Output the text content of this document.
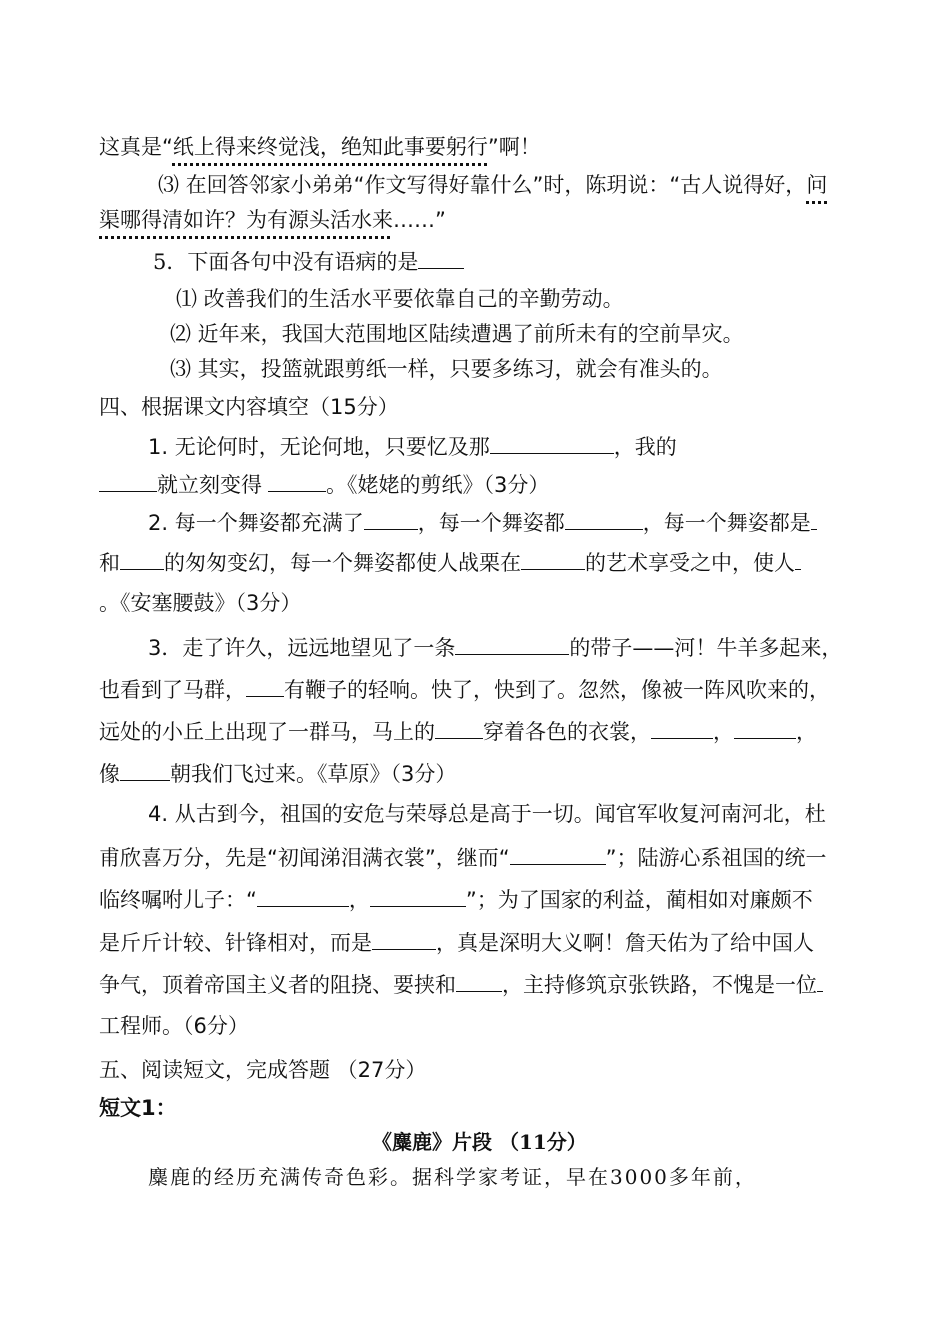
这真是“纸上得来终觉浅，绝知此事要躬行”啊！
⑶ 在回答邻家小弟弟“作文写得好靠什么”时，陈玥说：“古人说得好，问
渠哪得清如许？为有源头活水来……”
5．下面各句中没有语病的是
⑴ 改善我们的生活水平要依靠自己的辛勤劳动。
⑵ 近年来，我国大范围地区陆续遭遇了前所未有的空前旱灾。
⑶ 其实，投篮就跟剪纸一样，只要多练习，就会有准头的。
四、根据课文内容填空（15分）
1. 无论何时，无论何地，只要忆及那	，我的
就立刻变得	。《姥姥的剪纸》（3分）
2. 每一个舞姿都充满了	，每一个舞姿都	，每一个舞姿都是
和 的匆匆变幻，每一个舞姿都使人战栗在	的艺术享受之中，使人
。《安塞腰鼓》（3分）
3．走了许久，远远地望见了一条	的带子——河！牛羊多起来，
也看到了马群， 有鞭子的轻响。快了，快到了。忽然，像被一阵风吹来的，
远处的小丘上出现了一群马，马上的 穿着各色的衣裳，	，	，
像 朝我们飞过来。《草原》（3分）
4. 从古到今，祖国的安危与荣辱总是高于一切。闻官军收复河南河北，杜
甫欣喜万分，先是“初闻涕泪满衣裳”，继而“	”；陆游心系祖国的统一
临终嘱咐儿子：“	，	”；为了国家的利益，蔺相如对廉颇不
是斤斤计较、针锋相对，而是	，真是深明大义啊！詹天佑为了给中国人
争气，顶着帝国主义者的阻挠、要挟和 ，主持修筑京张铁路，不愧是一位
工程师。（6分）
五、阅读短文，完成答题 （27分）
短文1：
《麋鹿》片段 （11分）
麋鹿的经历充满传奇色彩。据科学家考证，早在3000多年前，
